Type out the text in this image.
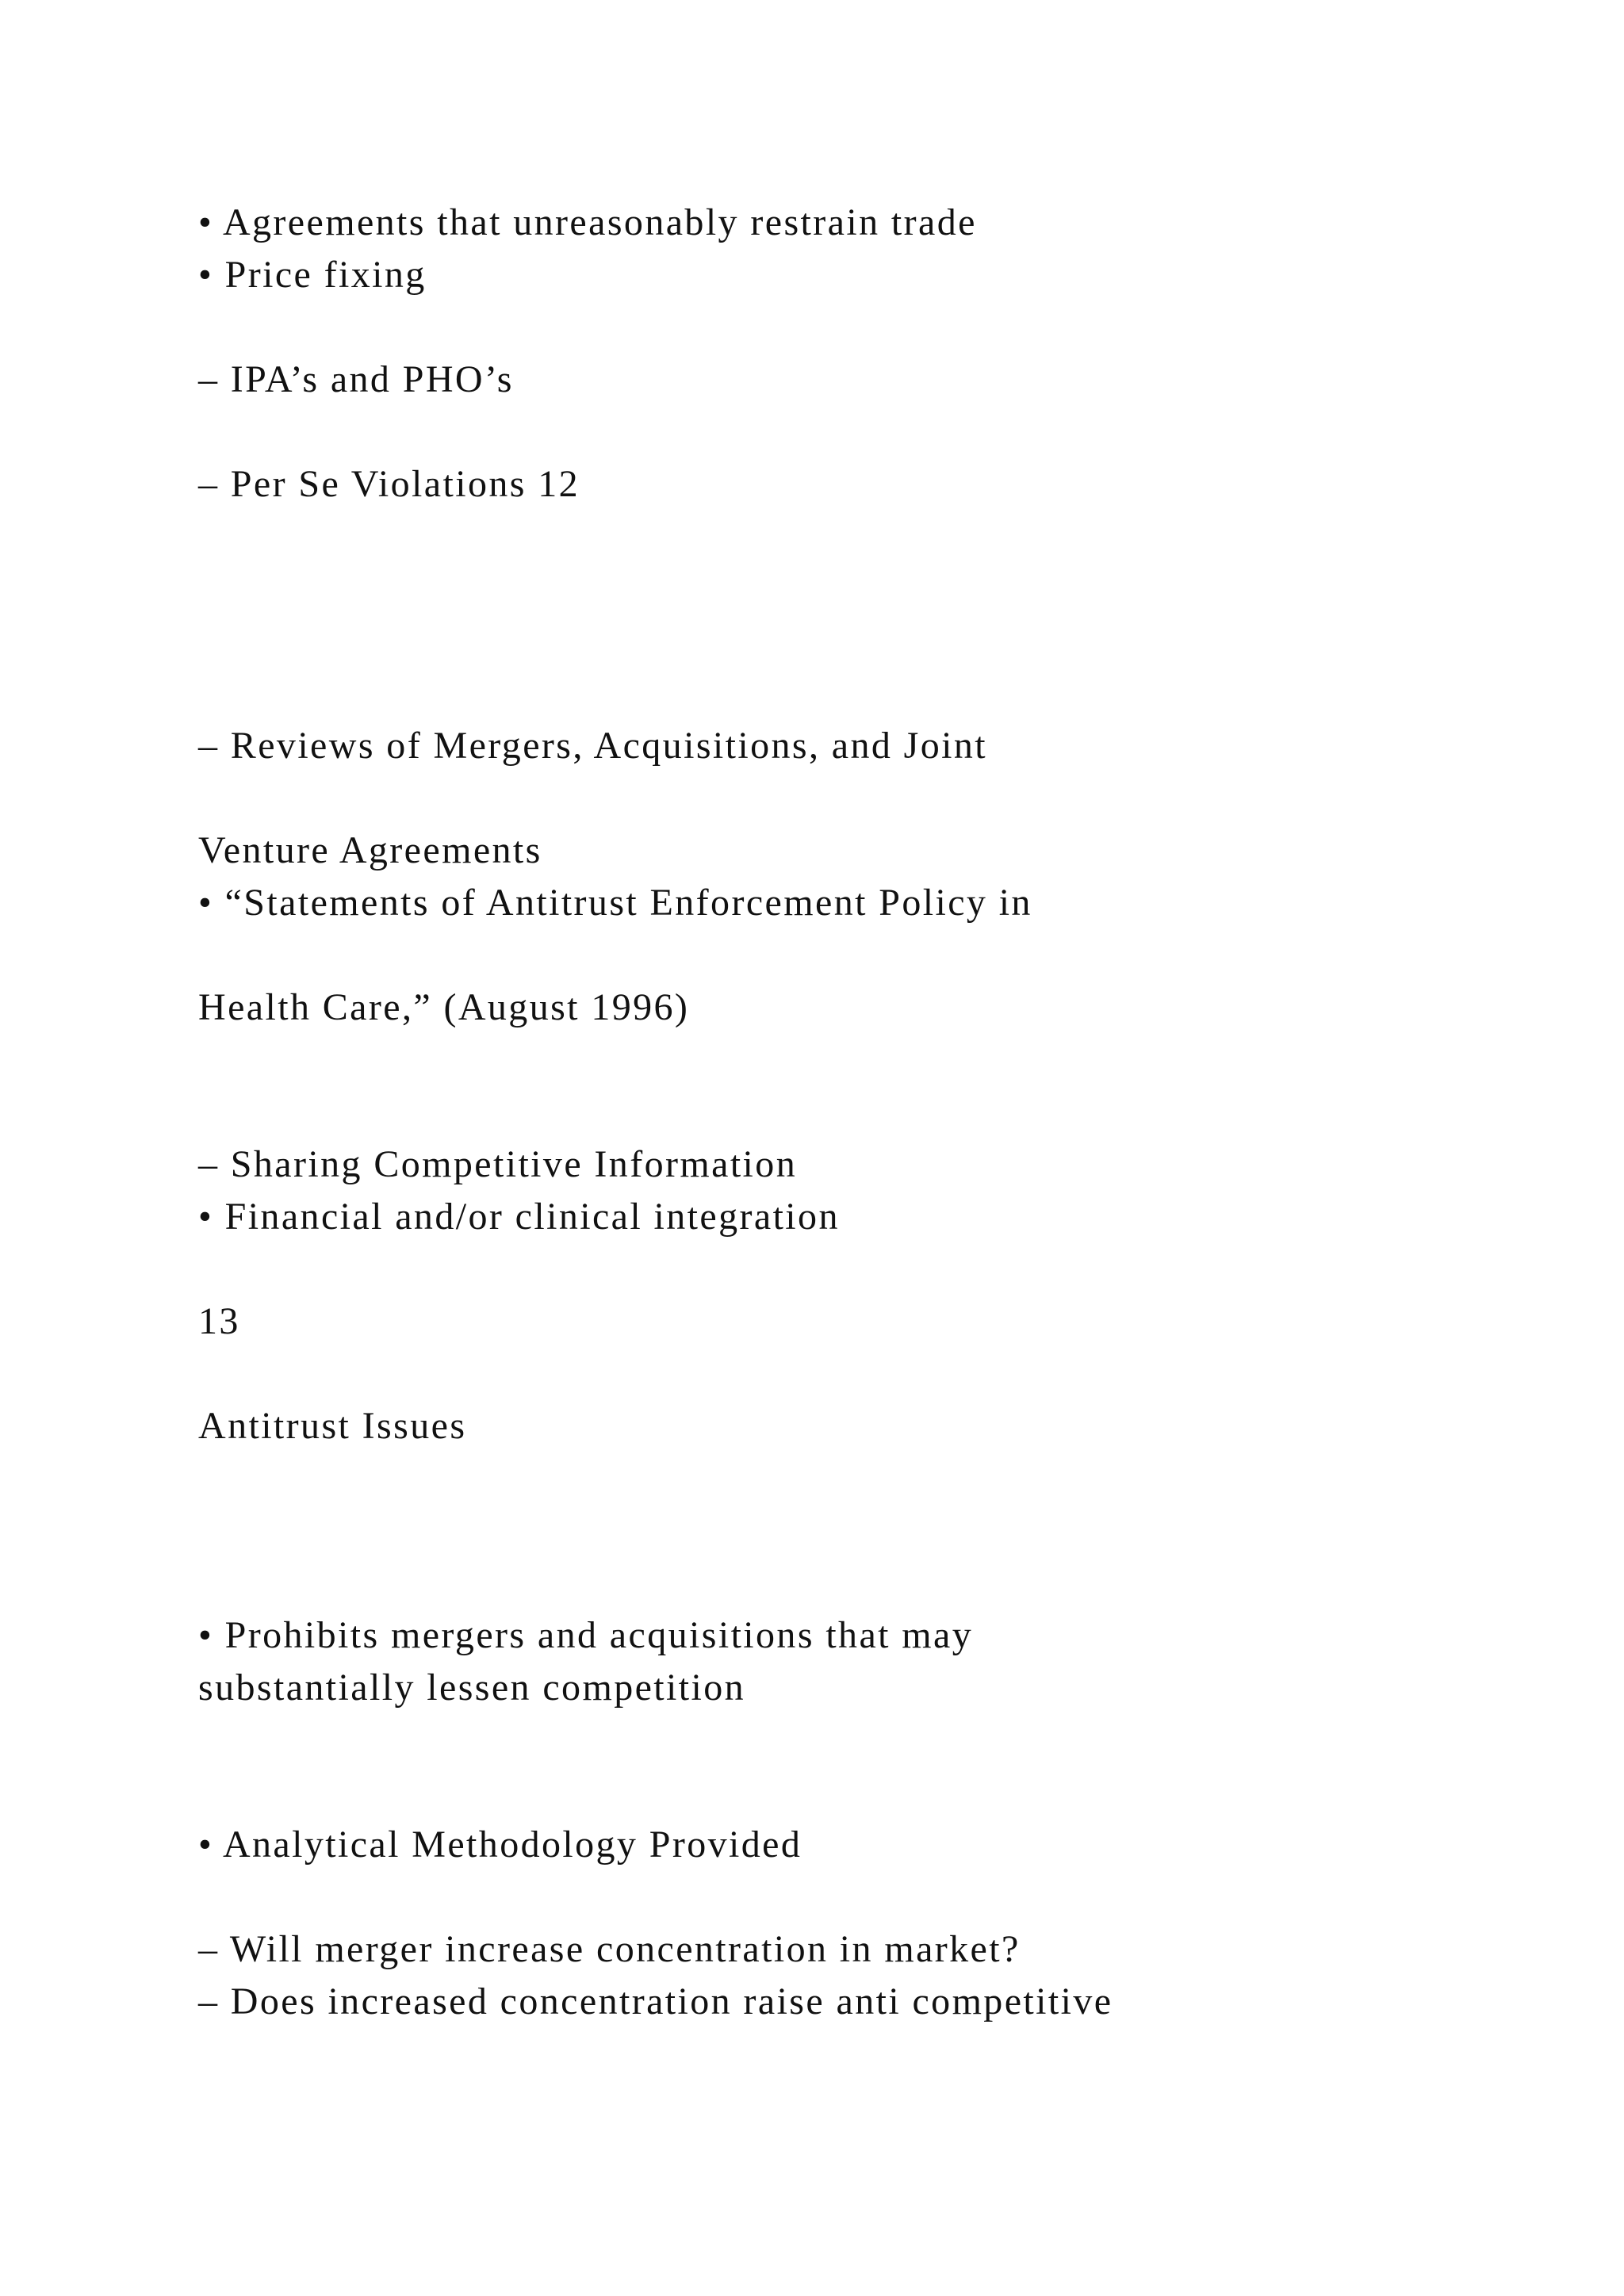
• Agreements that unreasonably restrain trade

• Price fixing

– IPA’s and PHO’s

– Per Se Violations 12

– Reviews of Mergers, Acquisitions, and Joint

Venture Agreements

• “Statements of Antitrust Enforcement Policy in

Health Care,” (August 1996)

– Sharing Competitive Information

• Financial and/or clinical integration

13

Antitrust Issues

• Prohibits mergers and acquisitions that may

substantially lessen competition

• Analytical Methodology Provided

– Will merger increase concentration in market?

– Does increased concentration raise anti competitive
